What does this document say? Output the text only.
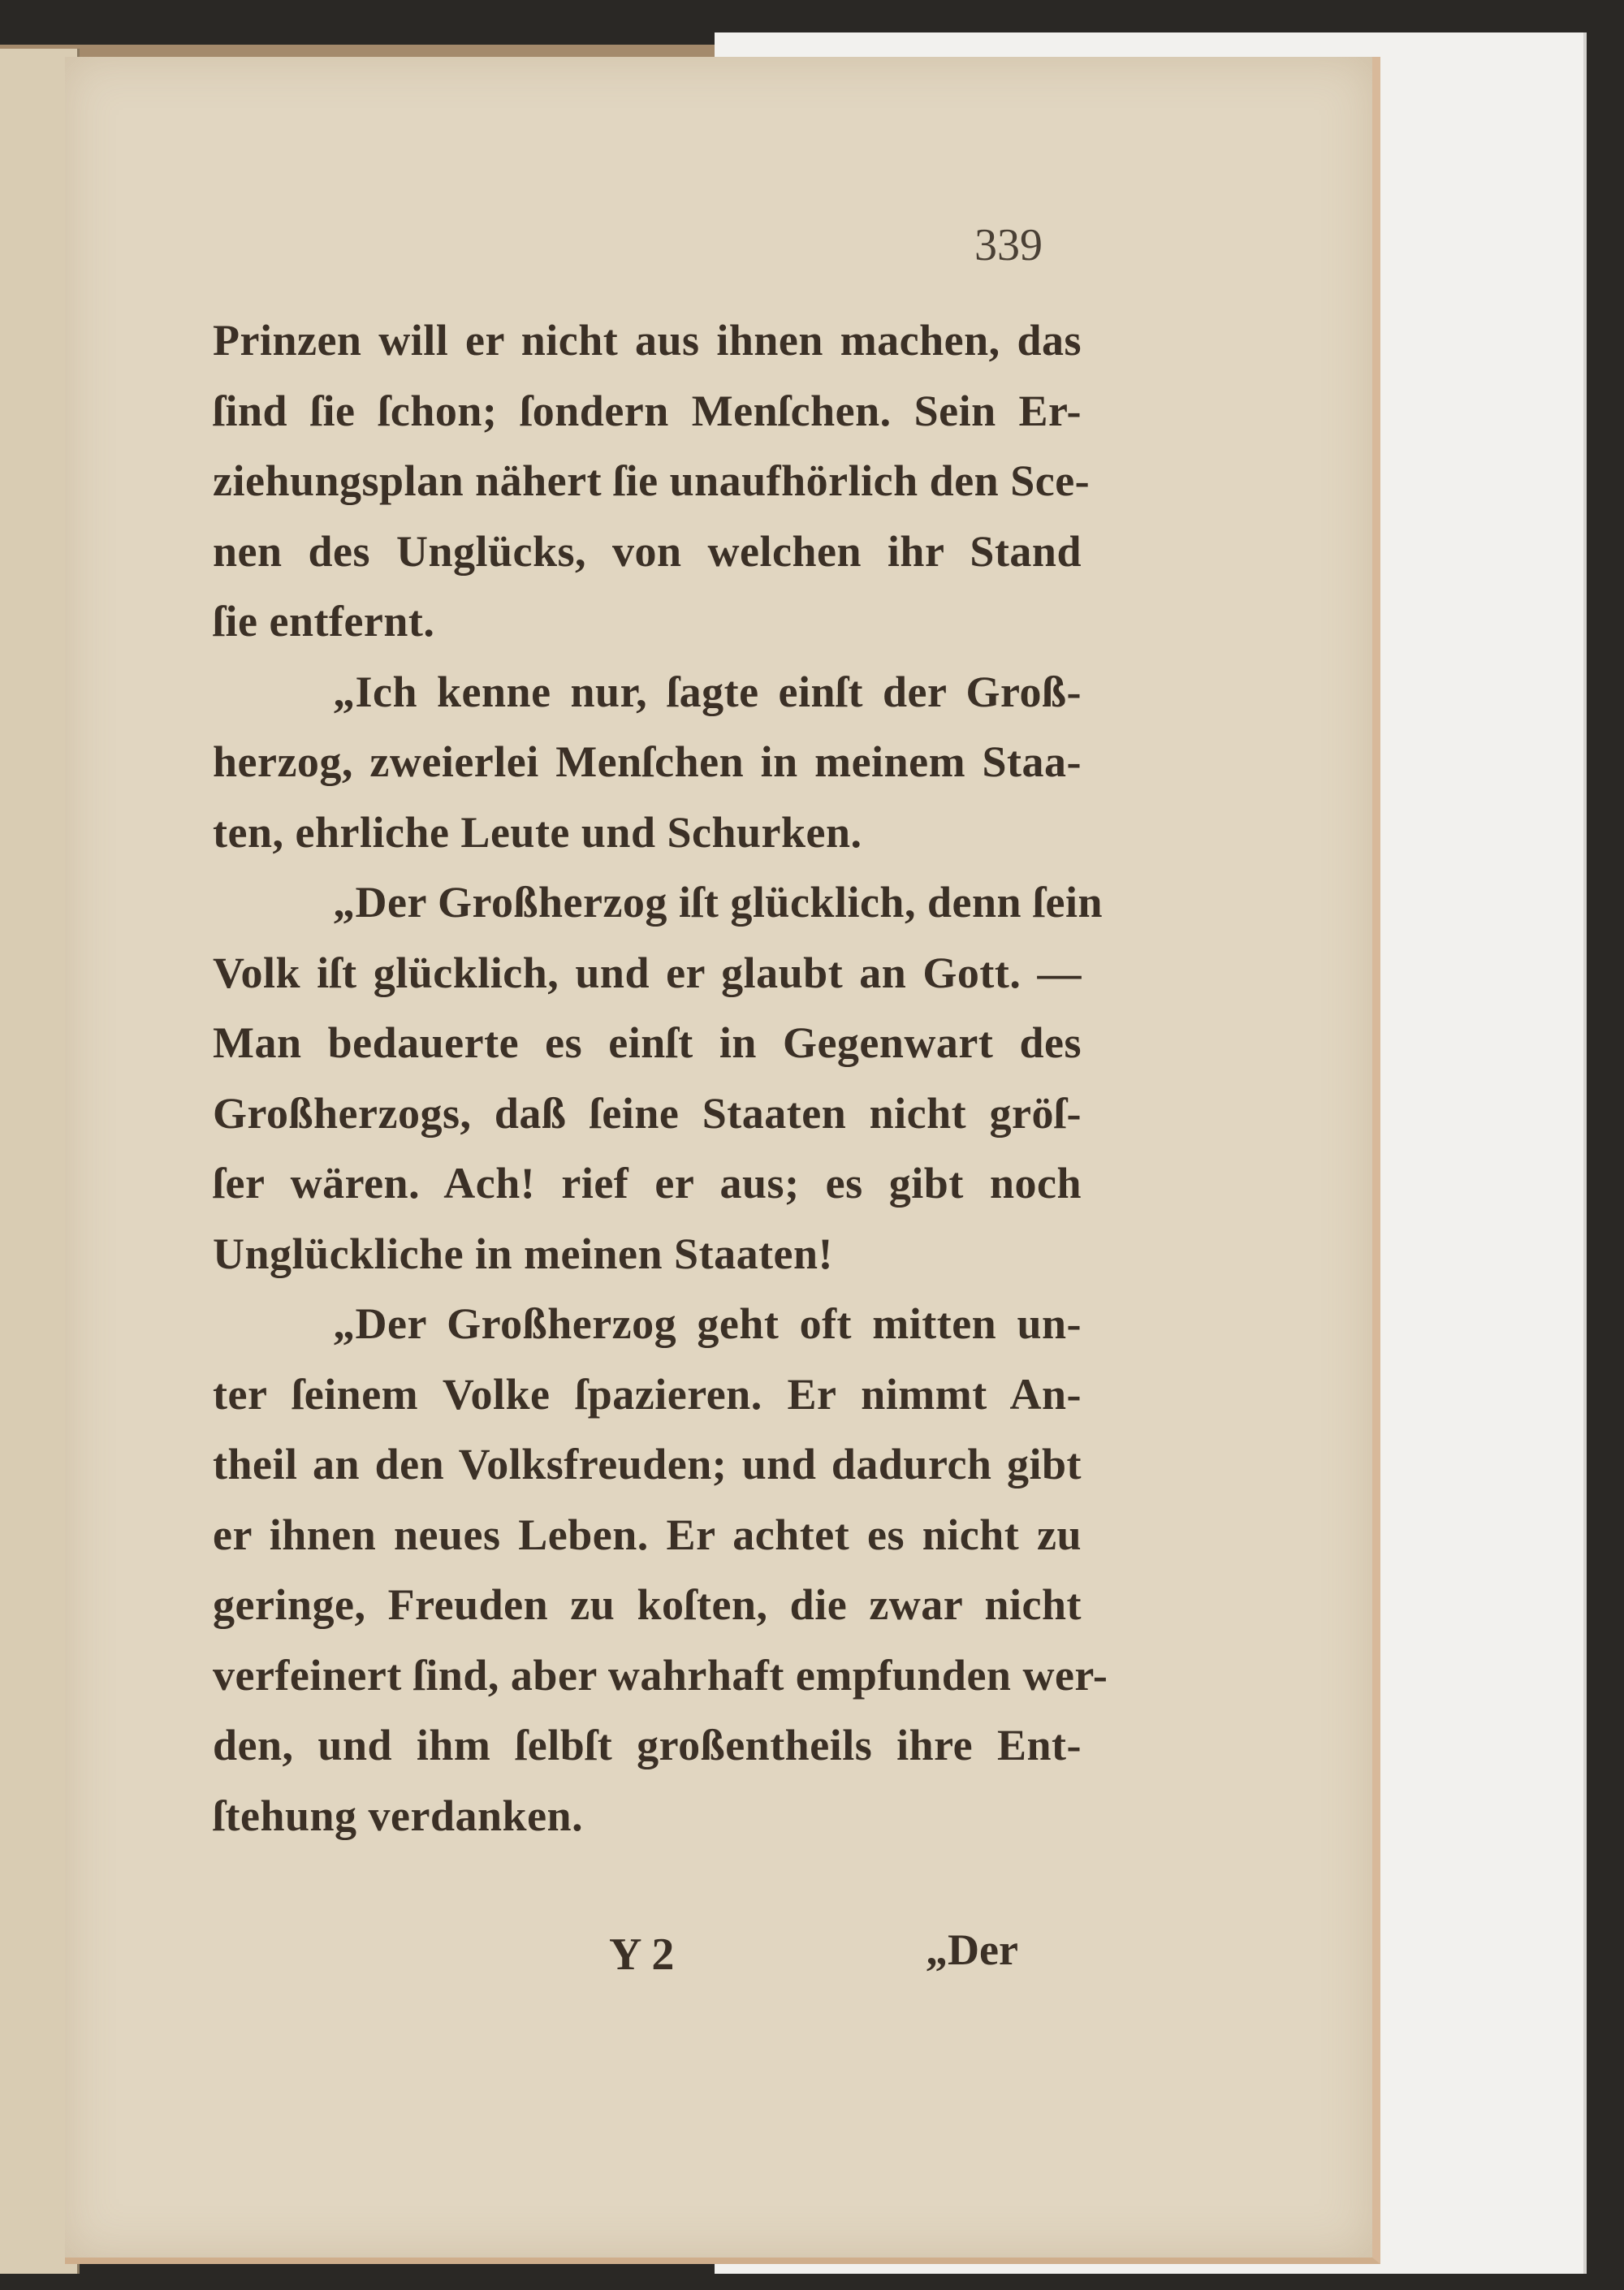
339
Prinzen will er nicht aus ihnen machen, das
ſind ſie ſchon; ſondern Menſchen. Sein Er-
ziehungsplan nähert ſie unaufhörlich den Sce-
nen des Unglücks, von welchen ihr Stand
ſie entfernt.
„Ich kenne nur, ſagte einſt der Groß-
herzog, zweierlei Menſchen in meinem Staa-
ten, ehrliche Leute und Schurken.
„Der Großherzog iſt glücklich, denn ſein
Volk iſt glücklich, und er glaubt an Gott. —
Man bedauerte es einſt in Gegenwart des
Großherzogs, daß ſeine Staaten nicht gröſ-
ſer wären. Ach! rief er aus; es gibt noch
Unglückliche in meinen Staaten!
„Der Großherzog geht oft mitten un-
ter ſeinem Volke ſpazieren. Er nimmt An-
theil an den Volksfreuden; und dadurch gibt
er ihnen neues Leben. Er achtet es nicht zu
geringe, Freuden zu koſten, die zwar nicht
verfeinert ſind, aber wahrhaft empfunden wer-
den, und ihm ſelbſt großentheils ihre Ent-
ſtehung verdanken.
Y 2	„Der
